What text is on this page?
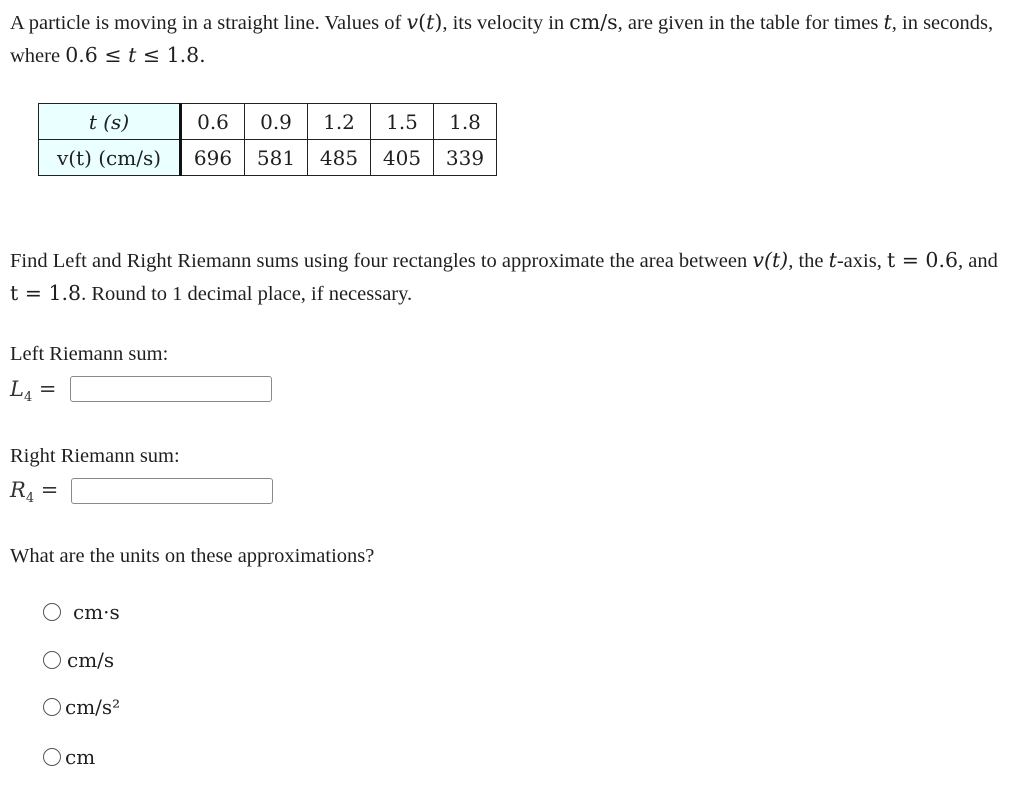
A particle is moving in a straight line. Values of v(t), its velocity in cm/s, are given in the table for times t, in seconds, where 0.6 ≤ t ≤ 1.8.
t (s)	0.6	0.9	1.2	1.5	1.8
v(t) (cm/s)	696	581	485	405	339
Find Left and Right Riemann sums using four rectangles to approximate the area between v(t), the t-axis, t = 0.6, and t = 1.8. Round to 1 decimal place, if necessary.
Left Riemann sum:
$L_4$ =
Right Riemann sum:
$R_4$ =
What are the units on these approximations?
cm·s
cm/s
cm/s²
cm
